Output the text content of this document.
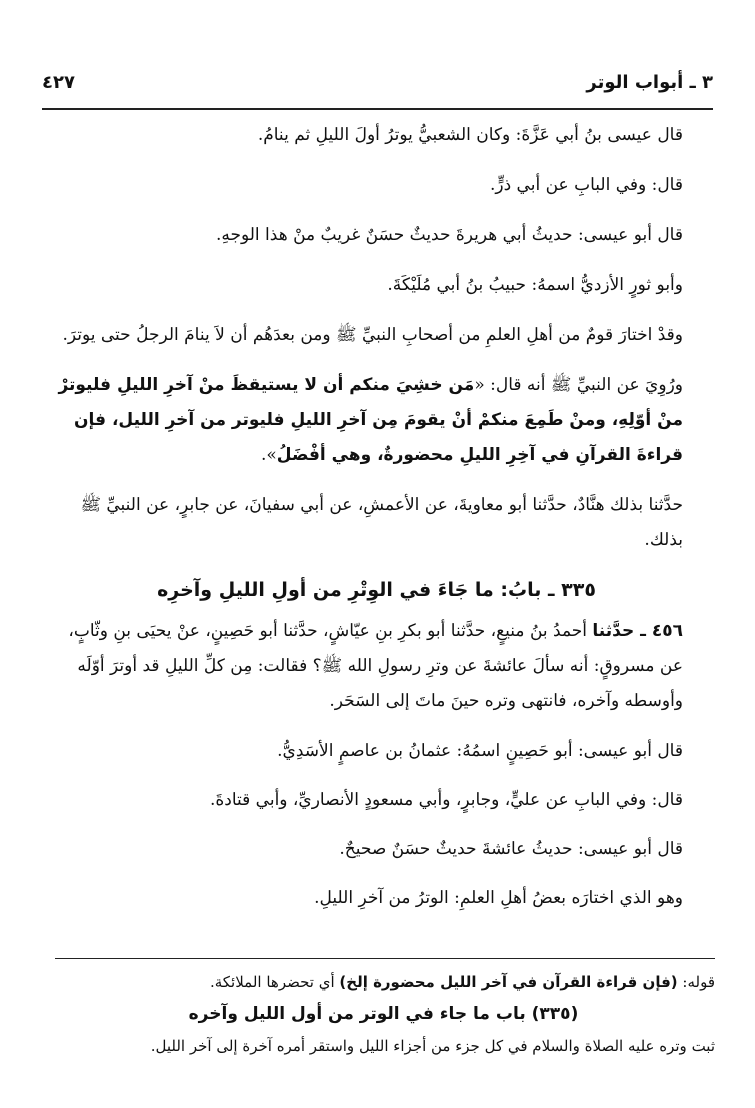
٣ ـ أبواب الوتر
٤٢٧

قال عيسى بنُ أبي عَزَّةَ: وكان الشعبيُّ يوترُ أولَ الليلِ ثم ينامُ.

قال: وفي البابِ عن أبي ذرٍّ.

قال أبو عيسى: حديثُ أبي هريرةَ حديثٌ حسَنٌ غريبٌ منْ هذا الوجهِ.

وأبو ثورٍ الأزديُّ اسمهُ: حبيبُ بنُ أبي مُلَيْكَةَ.

وقدْ اختارَ قومٌ من أهلِ العلمِ من أصحابِ النبيِّ ﷺ ومن بعدَهُم أن لاَ ينامَ الرجلُ حتى يوترَ.

ورُوِيَ عن النبيِّ ﷺ أنه قال: «مَن خشِيَ منكم أن لا يستيقظَ منْ آخرِ الليلِ فليوترْ منْ أوّلِهِ، ومنْ طَمِعَ منكمْ أنْ يقومَ مِن آخرِ الليلِ فليوتر من آخرِ الليل، فإن قراءةَ القرآنِ في آخِرِ الليلِ محضورةٌ، وهي أفْضَلُ».

حدَّثنا بذلك هنَّادٌ، حدَّثنا أبو معاويةَ، عن الأعمشِ، عن أبي سفيانَ، عن جابرٍ، عن النبيِّ ﷺ بذلك.

٣٣٥ ـ بابُ: ما جَاءَ في الوِتْرِ من أولِ الليلِ وآخرِه

٤٥٦ ـ حدَّثنا أحمدُ بنُ منيعٍ، حدَّثنا أبو بكرِ بنِ عيّاشٍ، حدَّثنا أبو حَصِينٍ، عنْ يحيَى بنِ وثّابٍ، عن مسروقٍ: أنه سألَ عائشةَ عن وترِ رسولِ الله ﷺ؟ فقالت: مِن كلِّ الليلِ قد أوترَ أوّلَه وأوسطه وآخره، فانتهى وتره حينَ ماتَ إلى السَحَر.

قال أبو عيسى: أبو حَصِينٍ اسمُهُ: عثمانُ بن عاصمٍ الأسَدِيُّ.

قال: وفي البابِ عن عليٍّ، وجابرٍ، وأبي مسعودٍ الأنصاريِّ، وأبي قتادةَ.

قال أبو عيسى: حديثُ عائشةَ حديثٌ حسَنٌ صحيحٌ.

وهو الذي اختارَه بعضُ أهلِ العلمِ: الوترُ من آخرِ الليلِ.

قوله: (فإن قراءة القرآن في آخر الليل محضورة إلخ) أي تحضرها الملائكة.
(٣٣٥) باب ما جاء في الوتر من أول الليل وآخره
ثبت وتره عليه الصلاة والسلام في كل جزء من أجزاء الليل واستقر أمره آخرة إلى آخر الليل.
